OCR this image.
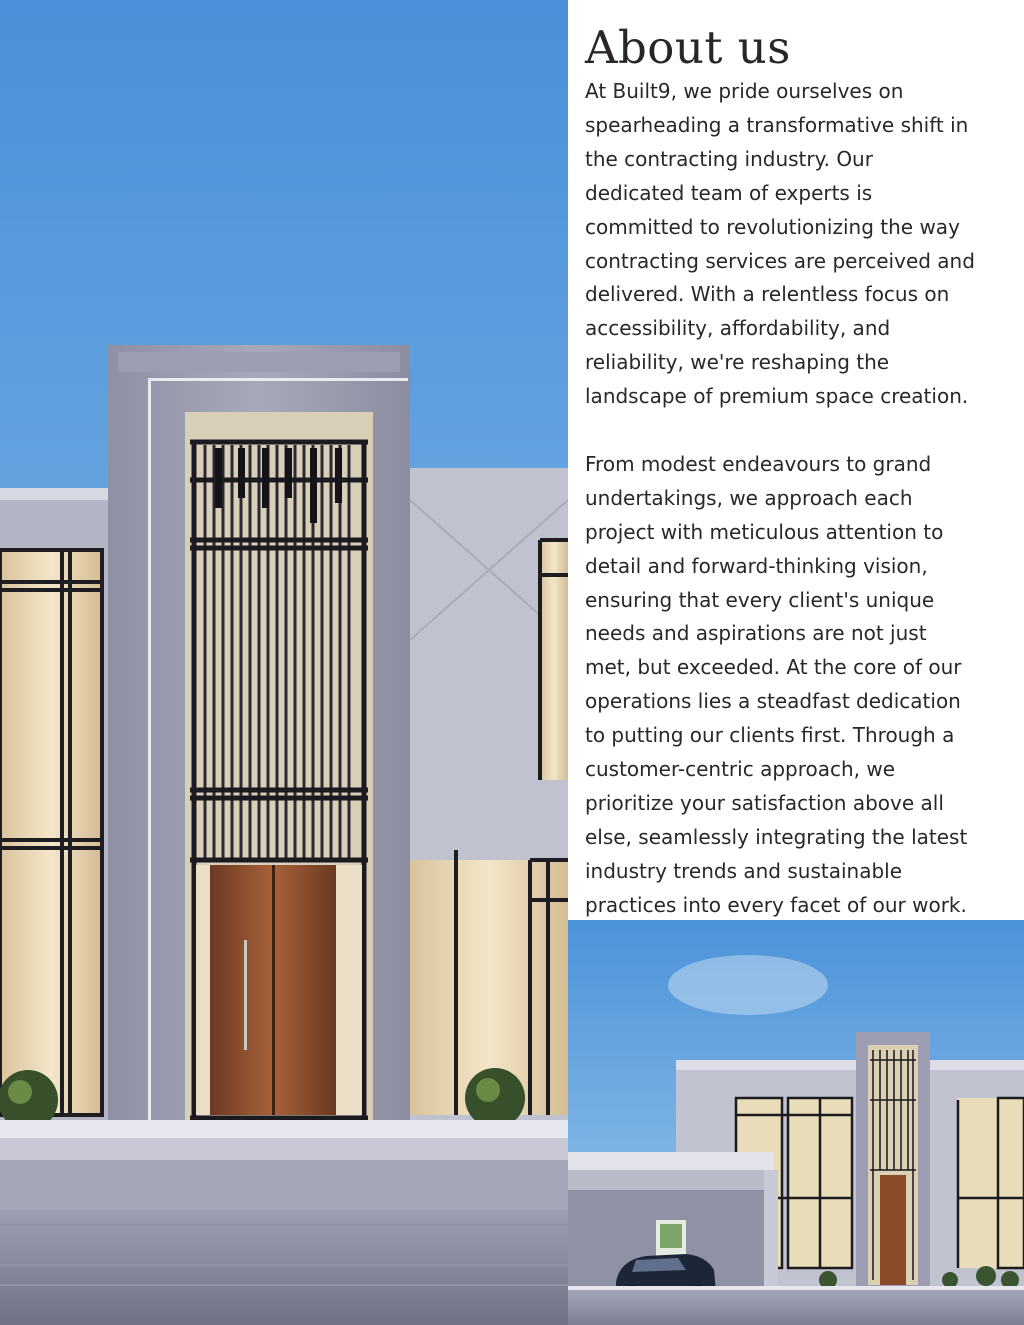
About us

At Built9, we pride ourselves on
spearheading a transformative shift in
the contracting industry. Our
dedicated team of experts is
committed to revolutionizing the way
contracting services are perceived and
delivered. With a relentless focus on
accessibility, affordability, and
reliability, we're reshaping the
landscape of premium space creation.

From modest endeavours to grand
undertakings, we approach each
project with meticulous attention to
detail and forward-thinking vision,
ensuring that every client's unique
needs and aspirations are not just
met, but exceeded. At the core of our
operations lies a steadfast dedication
to putting our clients first. Through a
customer-centric approach, we
prioritize your satisfaction above all
else, seamlessly integrating the latest
industry trends and sustainable
practices into every facet of our work.
